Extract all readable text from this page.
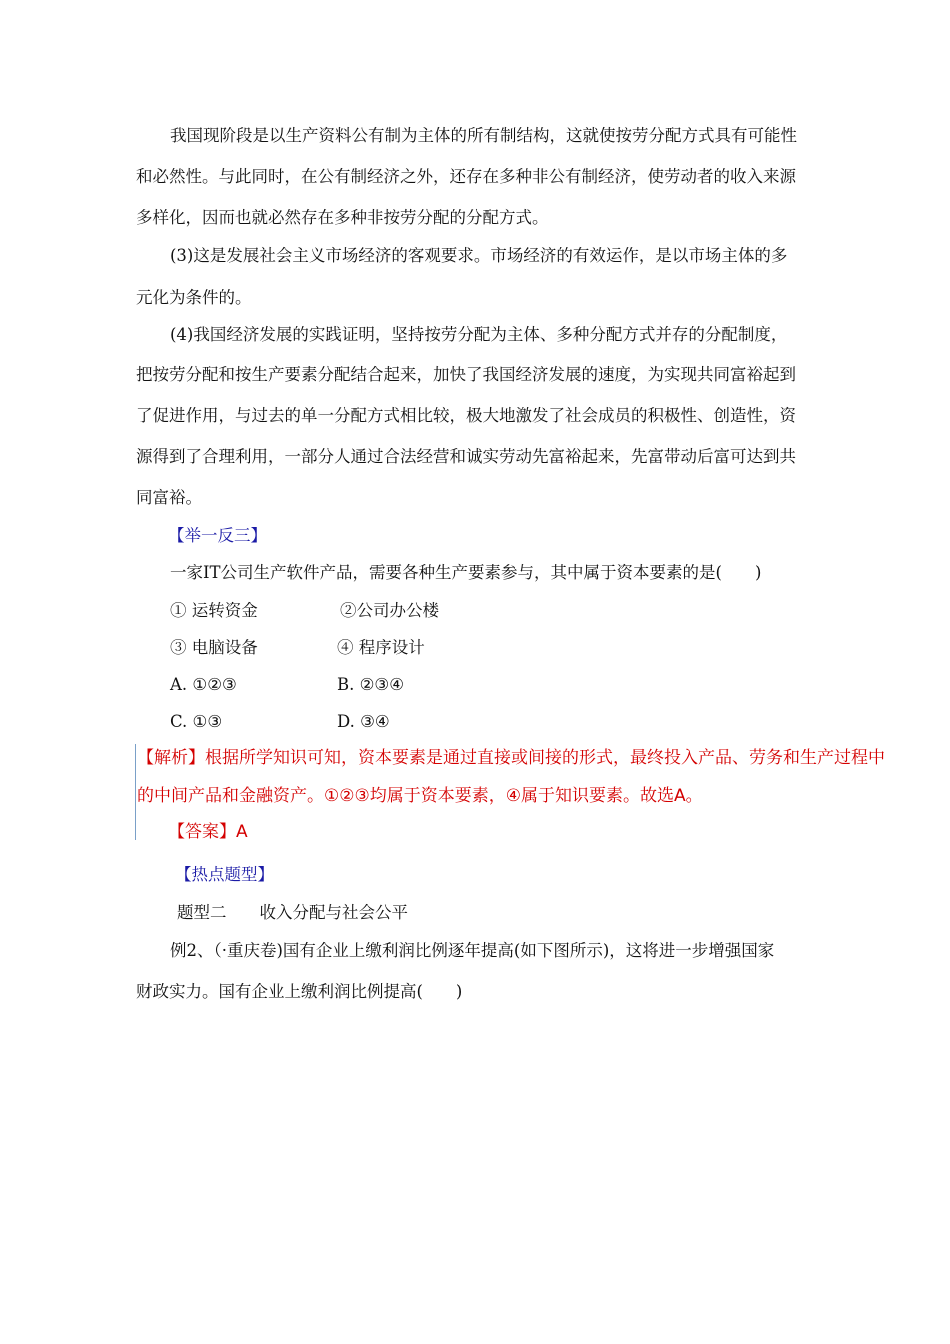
我国现阶段是以生产资料公有制为主体的所有制结构，这就使按劳分配方式具有可能性
和必然性。与此同时，在公有制经济之外，还存在多种非公有制经济，使劳动者的收入来源
多样化，因而也就必然存在多种非按劳分配的分配方式。
(3)这是发展社会主义市场经济的客观要求。市场经济的有效运作，是以市场主体的多
元化为条件的。
(4)我国经济发展的实践证明，坚持按劳分配为主体、多种分配方式并存的分配制度，
把按劳分配和按生产要素分配结合起来，加快了我国经济发展的速度，为实现共同富裕起到
了促进作用，与过去的单一分配方式相比较，极大地激发了社会成员的积极性、创造性，资
源得到了合理利用，一部分人通过合法经营和诚实劳动先富裕起来，先富带动后富可达到共
同富裕。
【举一反三】
一家IT公司生产软件产品，需要各种生产要素参与，其中属于资本要素的是(　　)
① 运转资金	②公司办公楼
③ 电脑设备	④ 程序设计
A. ①②③	B. ②③④
C. ①③	D. ③④
【解析】根据所学知识可知，资本要素是通过直接或间接的形式，最终投入产品、劳务和生产过程中
的中间产品和金融资产。①②③均属于资本要素，④属于知识要素。故选A。
【答案】A
【热点题型】
题型二　　收入分配与社会公平
例2、（·重庆卷)国有企业上缴利润比例逐年提高(如下图所示)，这将进一步增强国家
财政实力。国有企业上缴利润比例提高(　　)
